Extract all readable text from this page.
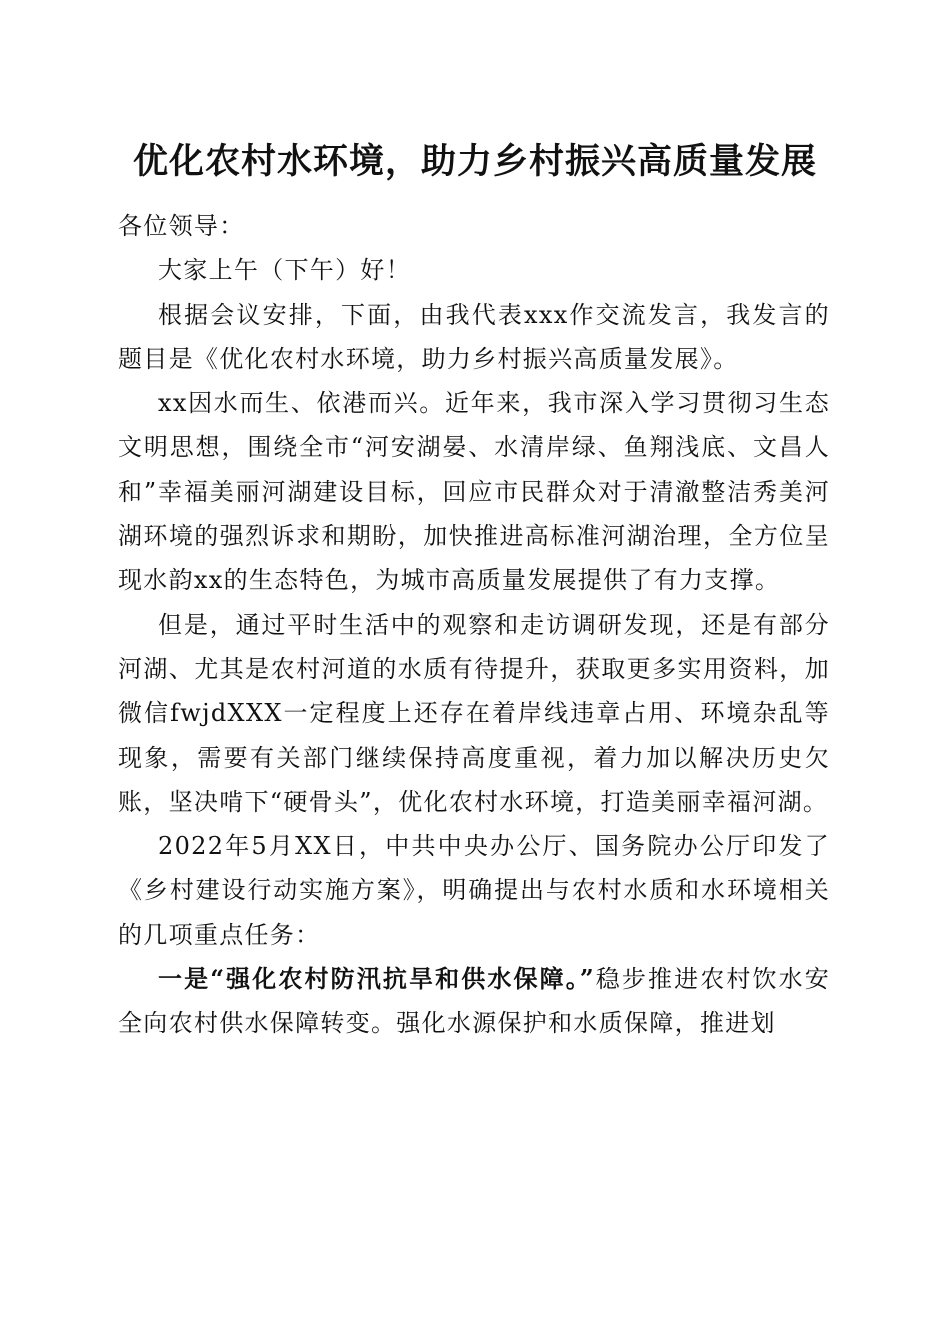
优化农村水环境，助力乡村振兴高质量发展

各位领导：

大家上午（下午）好！

根据会议安排，下面，由我代表xxx作交流发言，我发言的题目是《优化农村水环境，助力乡村振兴高质量发展》。

xx因水而生、依港而兴。近年来，我市深入学习贯彻习生态文明思想，围绕全市“河安湖晏、水清岸绿、鱼翔浅底、文昌人和”幸福美丽河湖建设目标，回应市民群众对于清澈整洁秀美河湖环境的强烈诉求和期盼，加快推进高标准河湖治理，全方位呈现水韵xx的生态特色，为城市高质量发展提供了有力支撑。

但是，通过平时生活中的观察和走访调研发现，还是有部分河湖、尤其是农村河道的水质有待提升，获取更多实用资料，加微信fwjdXXX一定程度上还存在着岸线违章占用、环境杂乱等现象，需要有关部门继续保持高度重视，着力加以解决历史欠账，坚决啃下“硬骨头”，优化农村水环境，打造美丽幸福河湖。

2022年5月XX日，中共中央办公厅、国务院办公厅印发了《乡村建设行动实施方案》，明确提出与农村水质和水环境相关的几项重点任务：

一是“强化农村防汛抗旱和供水保障。”稳步推进农村饮水安全向农村供水保障转变。强化水源保护和水质保障，推进划
